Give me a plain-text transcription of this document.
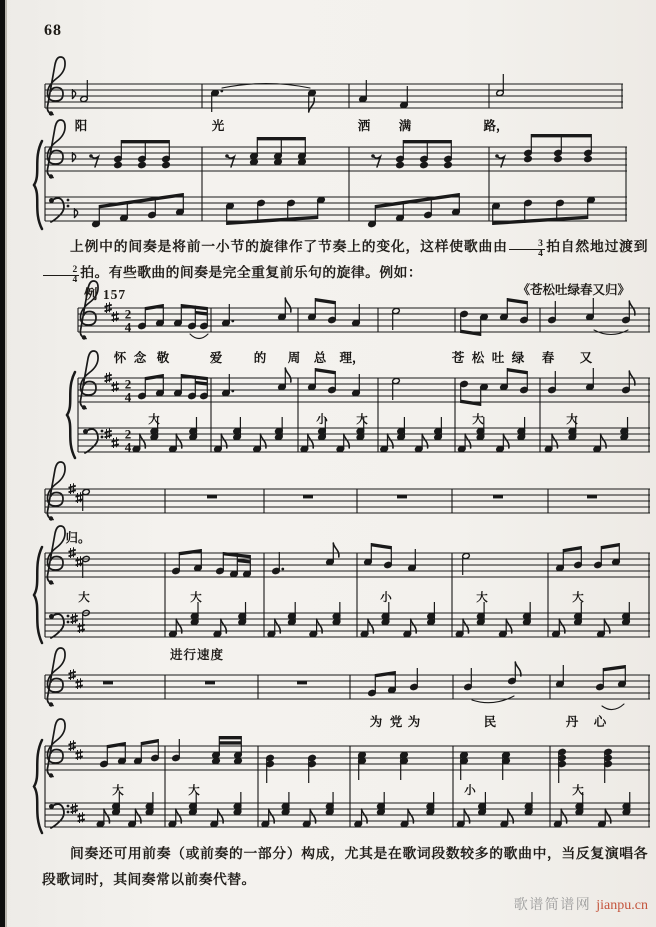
68
阳	光	洒 满	路，
2
4
2
4
2
4
怀 念 敬	爱	的 周 总 理，	苍 松 吐 绿 春 又
大	小 大	大	大
归。
大	大	小	大	大
为 党 为	民	丹 心
大	大	小	大
上例中的间奏是将前一小节的旋律作了节奏上的变化，这样使歌曲由 $\frac{3}{4}$ 拍自然地过渡到
$\frac{2}{4}$ 拍。有些歌曲的间奏是完全重复前乐句的旋律。例如：
例 157	《苍松吐绿春又归》
进行速度
间奏还可用前奏（或前奏的一部分）构成，尤其是在歌词段数较多的歌曲中，当反复演唱各段歌词时，其间奏常以前奏代替。
歌谱简谱网 jianpu.cn
